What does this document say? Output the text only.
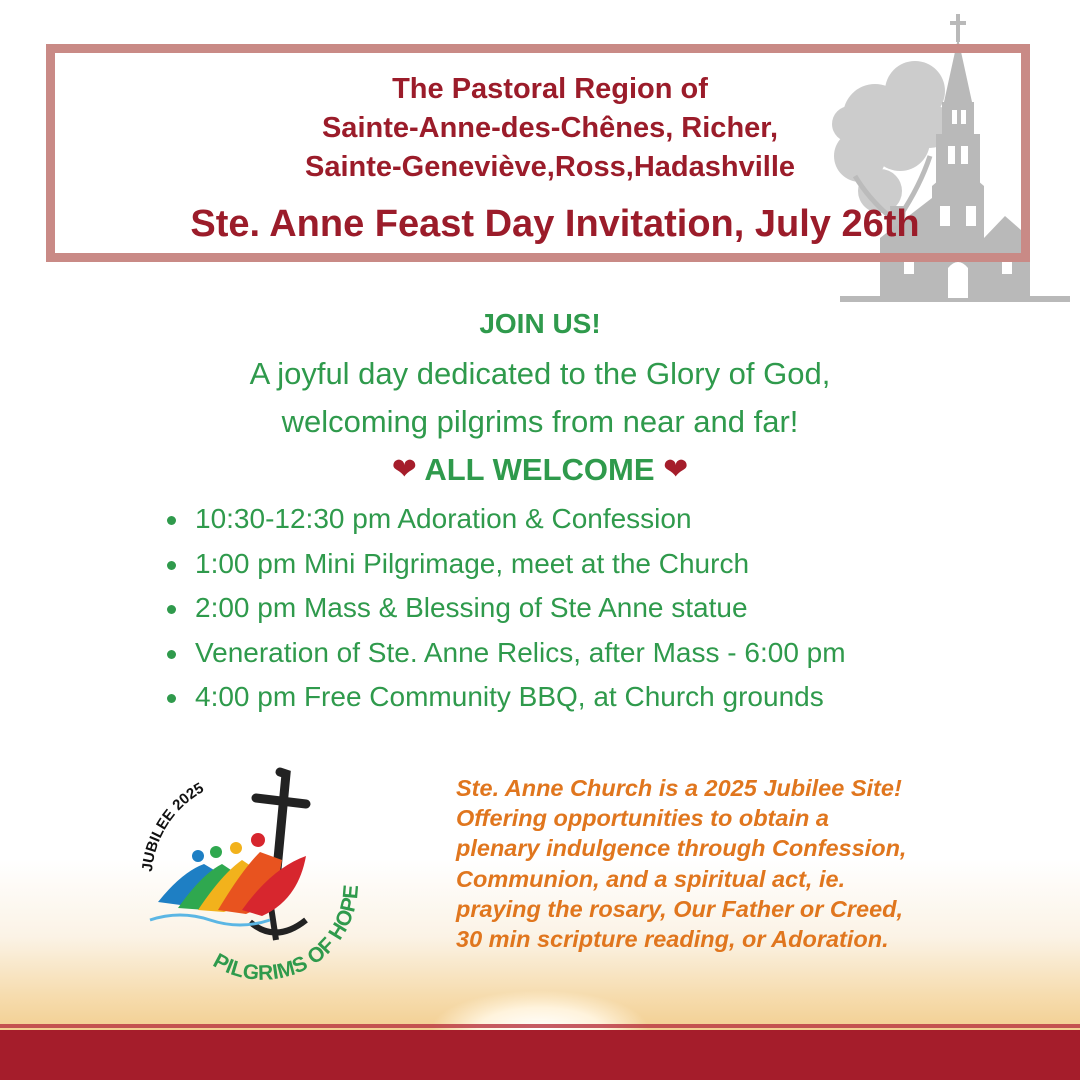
The Pastoral Region of
Sainte-Anne-des-Chênes, Richer,
Sainte-Geneviève,Ross,Hadashville
Ste. Anne Feast Day Invitation, July 26th
JOIN US!
A joyful day dedicated to the Glory of God,
welcoming pilgrims from near and far!
❤ ALL WELCOME ❤
10:30-12:30 pm Adoration & Confession
1:00 pm Mini Pilgrimage, meet at the Church
2:00 pm Mass & Blessing of Ste Anne statue
Veneration of Ste. Anne Relics, after Mass - 6:00 pm
4:00 pm Free Community BBQ, at Church grounds
JUBILEE 2025
PILGRIMS OF HOPE
Ste. Anne Church is a 2025 Jubilee Site!
Offering opportunities to obtain a
plenary indulgence through Confession,
Communion, and a spiritual act, ie.
praying the rosary, Our Father or Creed,
30 min scripture reading, or Adoration.
